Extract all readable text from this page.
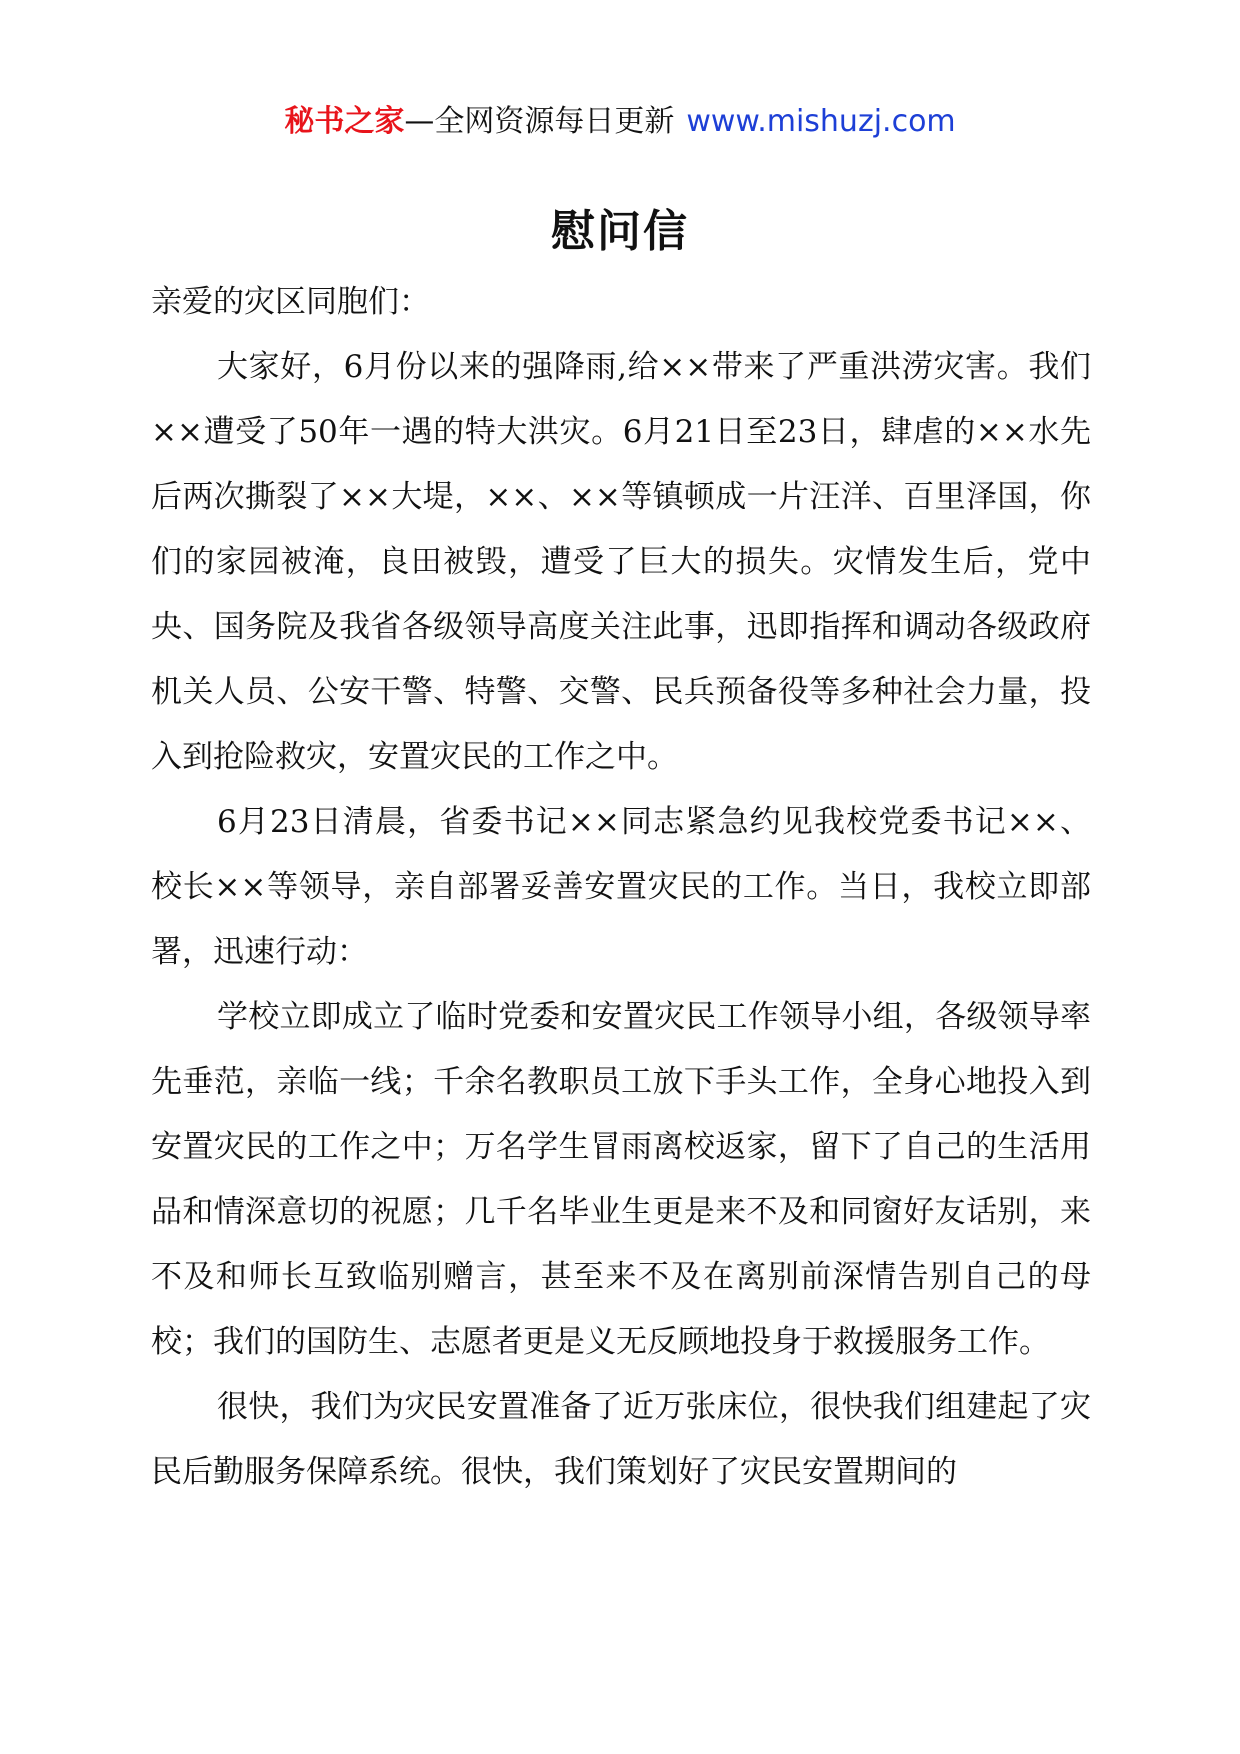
秘书之家—全网资源每日更新 www.mishuzj.com
慰问信

亲爱的灾区同胞们：

大家好，6月份以来的强降雨,给××带来了严重洪涝灾害。我们××遭受了50年一遇的特大洪灾。6月21日至23日，肆虐的××水先后两次撕裂了××大堤，××、××等镇顿成一片汪洋、百里泽国，你们的家园被淹，良田被毁，遭受了巨大的损失。灾情发生后，党中央、国务院及我省各级领导高度关注此事，迅即指挥和调动各级政府机关人员、公安干警、特警、交警、民兵预备役等多种社会力量，投入到抢险救灾，安置灾民的工作之中。

6月23日清晨，省委书记××同志紧急约见我校党委书记××、校长××等领导，亲自部署妥善安置灾民的工作。当日，我校立即部署，迅速行动：

学校立即成立了临时党委和安置灾民工作领导小组，各级领导率先垂范，亲临一线；千余名教职员工放下手头工作，全身心地投入到安置灾民的工作之中；万名学生冒雨离校返家，留下了自己的生活用品和情深意切的祝愿；几千名毕业生更是来不及和同窗好友话别，来不及和师长互致临别赠言，甚至来不及在离别前深情告别自己的母校；我们的国防生、志愿者更是义无反顾地投身于救援服务工作。

很快，我们为灾民安置准备了近万张床位，很快我们组建起了灾民后勤服务保障系统。很快，我们策划好了灾民安置期间的
